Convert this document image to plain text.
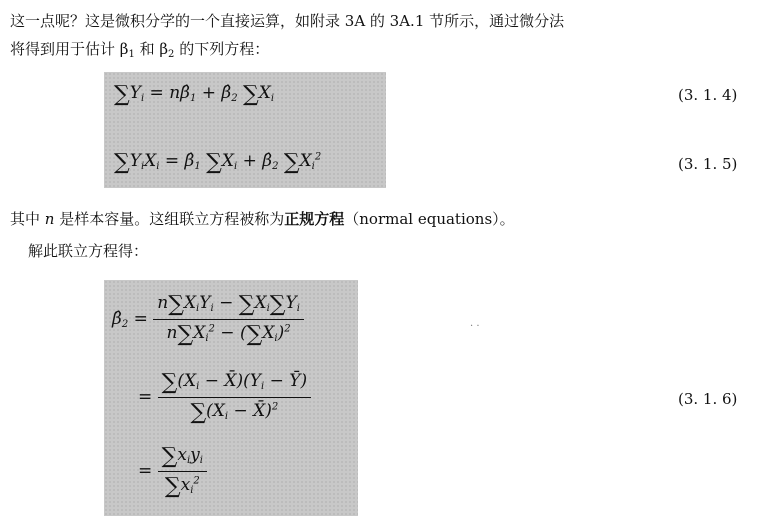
这一点呢？这是微积分学的一个直接运算，如附录 3A 的 3A.1 节所示，通过微分法
将得到用于估计 $\beta_1$ 和 $\beta_2$ 的下列方程：
$\sum Y_i$ = $n\betâ_1$ + $\betâ_2$ $\sum X_i$	(3. 1. 4)
$\sum Y_iX_i$ = $\betâ_1$ $\sum X_i$ + $\betâ_2$ $\sum X_i^2$	(3. 1. 5)
其中 n 是样本容量。这组联立方程被称为正规方程（normal equations）。
解此联立方程得：
$\betâ_2 = \frac{n\sum X_iY_i - \sum X_i\sum Y_i}{n\sum X_i^2 - (\sum X_i)^2}$
= $\frac{\sum(X_i - X̄)(Y_i - Ȳ)}{\sum(X_i - X̄)^2}$	(3. 1. 6)
= $\frac{\sum x_iy_i}{\sum x_i^2}$
. .
